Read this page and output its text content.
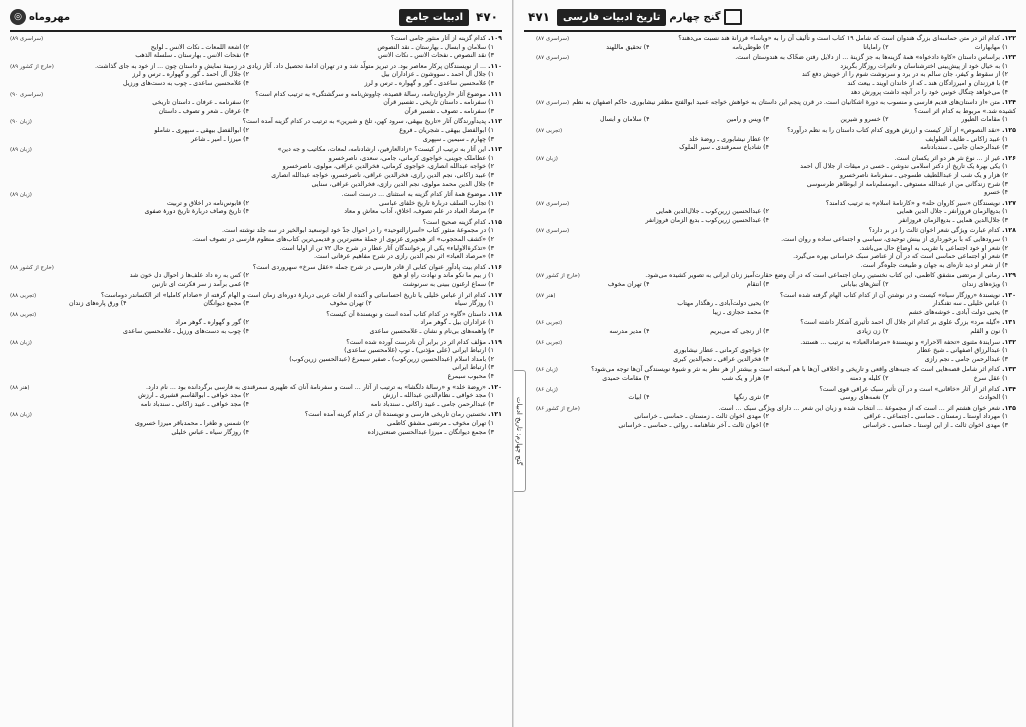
◎ مهروماه	ادبیات جامع	۴۷۰
(سراسری ۸۹)	۱۰۹. کدام گزینه از آثار منثور جامی است؟
۱) سلامان و ابسال ـ بهارستان ـ نقد النصوص
۲) اشعة اللمعات ـ نکات الانس ـ لوایح
۳) نقد النصوص ـ نفحات الانس ـ نکات الانس
۴) نفحات الانس ـ بهارستان ـ سلسلة الذهب
(خارج از کشور ۸۹)	۱۱۰. ... از نویسندگان پرکار معاصر بود. در تبریز متولّد شد و در تهران ادامهٔ تحصیل داد. آثار زیادی در زمینهٔ نمایش و داستان چون ... از خود به جای گذاشت.
۱) جلال آل احمد ـ سووشون ـ عزاداران بیل
۲) جلال آل احمد ـ گور و گهواره ـ ترس و لرز
۳) غلامحسین ساعدی ـ گور و گهواره ـ ترس و لرز
۴) غلامحسین ساعدی ـ چوب به دست‌های ورزیل
(سراسری ۹۰)	۱۱۱. موضوع آثار «اردوان‌نامه، رسالهٔ قصیده، چاووش‌نامه و سرگشتگی» به ترتیب کدام است؟
۱) سفرنامه ـ داستان تاریخی ـ تفسیر قرآن
۲) سفرنامه ـ عرفان ـ داستان تاریخی
۳) سفرنامه ـ تصوف ـ تفسیر قرآن
۴) عرفان ـ شعر و تصوف ـ داستان
(زبان ۹۰)	۱۱۲. پدیدآورندگان آثار «تاریخ بیهقی، سرود کهن، تلخ و شیرین» به ترتیب در کدام گزینه آمده است؟
۱) ابوالفضل بیهقی ـ شجریان ـ فروغ
۲) ابوالفضل بیهقی ـ سپهری ـ شاملو
۳) چهارم ـ سیمین ـ سپهری
۴) میرزا ـ امیر ـ شاعر
(زبان ۸۹)	۱۱۳. این آثار به ترتیب از کیست؟ «زادالعارفین، ارشادنامه، لمعات، مکاتیب و جه دین»
۱) عطاملک جوینی، خواجوی کرمانی، جامی، سعدی، ناصرخسرو
۲) خواجه عبدالله انصاری، خواجوی کرمانی، فخرالدین عراقی، مولوی، ناصرخسرو
۳) عبید زاکانی، نجم الدین رازی، فخرالدین عراقی، ناصرخسرو، خواجه عبدالله انصاری
۴) جلال الدین محمد مولوی، نجم الدین رازی، فخرالدین عراقی، سنایی
(زبان ۸۹)	۱۱۴. موضوع همهٔ آثار کدام گزینه به استثنای ... درست است.
۱) تجارب السلف دربارهٔ تاریخ خلفای عباسی
۲) قابوس‌نامه در اخلاق و تربیت
۳) مرصاد العباد در علم تصوف، اخلاق، آداب معاش و معاد
۴) تاریخ وصاف دربارهٔ تاریخ دورهٔ صفوی
۱۱۵. کدام گزینه صحیح است؟
۱) در مجموعهٔ منثور کتاب «اسرارالتوحید» را در احوال جدّ خود ابوسعید ابوالخیر در سه جلد نوشته است.
۲) «کشف المحجوب» اثر هجویری غزنوی از جملهٔ معتبرترین و قدیمی‌ترین کتاب‌های منظوم فارسی در تصوف است.
۳) «تذکرةالاولیاء» یکی از پرخوانندگان آثار عطار در شرح حال ۷۲ تن از اولیا است.
۴) «مرصاد العباد» اثر نجم الدین رازی در شرح مفاهیم عرفانی است.
(خارج از کشور ۸۸)	۱۱۶. کدام بیت پادآور عنوان کتابی از قادر فارسی در شرح جمله «عقل سرخ» سهروردی است؟
۱) ز بیم ما نکو ماند و نهادت راهِ او هیچ
۲) کس به ره داد علف‌ها ز احوال دل خون شد
۳) سماع ارغنون ببینی به سرنوشت
۴) غمی برآمد ز سر فکرتت ای نازنین
(تجربی ۸۸)	۱۱۷. کدام اثر از عباس خلیلی یا تاریخ احساساتی و آکنده از لغات عربی دربارهٔ دوره‌ای زمان است و الهام گرفته از «صادام کاملیا» اثر الکساندر دوماست؟
۱) روزگار سیاه
۲) تهران مخوف
۳) مجمع دیوانگان
۴) ورق پاره‌های زندان
(تجربی ۸۸)	۱۱۸. داستان «گاو» در کدام کتاب آمده است و نویسندهٔ آن کیست؟
۱) عزاداران بیل ـ گوهر مراد
۲) گور و گهواره ـ گوهر مراد
۳) واهمه‌های بی‌نام و نشان ـ غلامحسین ساعدی
۴) چوب به دست‌های ورزیل ـ غلامحسین ساعدی
(زبان ۸۸)	۱۱۹. مؤلف کدام اثر در برابر آن نادرست آورده شده است؟
۱) ارتباط ایرانی (علی مؤذنی) ـ توپ (غلامحسین ساعدی)
۲) بامداد اسلام (عبدالحسین زرین‌کوب) ـ صفیر سیمرغ (عبدالحسین زرین‌کوب)
۳) ارتباط ایرانی
۴) محبوب سیمرغ
(هنر ۸۸)	۱۲۰. «روضهٔ خلد» و «رسالهٔ دلگشا» به ترتیب از آثار ... است و سفرنامهٔ آنان که ظهیری سمرقندی به فارسی برگردانده بود ... نام دارد.
۱) مجد خوافی ـ نظام‌الدین عبدالله ـ ارزش
۲) مجد خوافی ـ ابوالقاسم قشیری ـ ارزش
۳) عبدالرحمن جامی ـ عبید زاکانی ـ سندباد نامه
۴) مجد خوافی ـ عبید زاکانی ـ سندباد نامه
(زبان ۸۸)	۱۲۱. نخستین رمان تاریخی فارسی و نویسندهٔ آن در کدام گزینه آمده است؟
۱) تهران مخوف ـ مرتضی مشفق کاظمی
۲) شمس و طغرا ـ محمدباقر میرزا خسروی
۳) مجمع دیوانگان ـ میرزا عبدالحسین صنعتی‌زاده
۴) روزگار سیاه ـ عباس خلیلی
۴۷۱	تاریخ ادبیات فارسی گنج چهارم
گنج چهارم: تاریخ ادبیات
(سراسری ۸۷)	۱۲۲. کدام اثر در متن حماسه‌ای بزرگ هندوان است که شامل ۱۹ کتاب است و تألیف آن را به «ویاسا» فرزانهٔ هند نسبت می‌دهند؟
۱) مهابهارات
۲) رامایانا
۳) طوطی‌نامه
۴) تحقیق ماللهند
(سراسری ۸۷)	۱۲۳. براساس داستان «کاوهٔ دادخواه» همهٔ گزینه‌ها به جز گزینهٔ ... از دلایل رفتن ضحّاک به هندوستان است.
۱) به خیال خود از پیش‌بینی اخترشناسان و تاثیرات روزگار بگریزد
۲) از سقوط و کیفر، جان سالم به در برد و سرنوشت شوم را از خویش دفع کند
۳) با فرزندان و امیرزادگان هند ـ که از خاندان اویند ـ بیعت کند
۴) می‌خواهد چنگال خونین خود را در آنچه داشت پرورش دهد
(سراسری ۸۷)	۱۲۴. متن «از داستان‌های قدیم فارسی و منسوب به دورهٔ اشکانیان است. در قرن پنجم این داستان به خواهش خواجه عمید ابوالفتح مظفر نیشابوری، حاکم اصفهان به نظم کشیده شد.» مربوط به کدام اثر است؟
۱) مقامات الطیور
۲) خسرو و شیرین
۳) ویس و رامین
۴) سلامان و ابسال
(تجربی ۸۷)	۱۲۵. «نقد النصوص» از آثار کیست و ارزش هروی کدام کتاب داستان را به نظم درآورد؟
۱) عبید زاکانی ـ طایف الطوایف
۲) عطار نیشابوری ـ روضهٔ خلد
۳) عبدالرحمان جامی ـ سندباد‌نامه
۴) شادیاخ سمرقندی ـ سیر الملوک
(زبان ۸۷)	۱۲۶. غیر از ... نوع نثر هر دو اثر یکسان است.
۱) یکی بهرهٔ یک تاریخ از دکتر اسلامی ندوشن ـ خسی در میقات از جلال آل احمد
۲) هزار و یک شب از عبداللطیف طسوجی ـ سفرنامهٔ ناصرخسرو
۳) شرح زندگانی من از عبدالله مستوفی ـ ابومسلم‌نامه از ابوطاهر طرسوسی
۴) خسرو
(سراسری ۸۷)	۱۲۷. نویسندگان «سیر کاروان حله» و «کارنامهٔ اسلام» به ترتیب کدامند؟
۱) بدیع‌الزمان فروزانفر ـ جلال الدین همایی
۲) عبدالحسین زرین‌کوب ـ جلال‌الدین همایی
۳) جلال‌الدین همایی ـ بدیع‌الزمان فروزانفر
۴) عبدالحسین زرین‌کوب ـ بدیع الزمان فروزانفر
(سراسری ۸۷)	۱۲۸. کدام عبارت ویژگی شعر اخوان ثالث را در بر دارد؟
۱) سرودهایی که با برخورداری از بینش توحیدی، سیاسی و اجتماعی ساده و روان است.
۲) شعر او خود اجتماعی با تقریب به اوضاع حال می‌باشد.
۳) شعر او اجتماعی حماسی است که در آن از عناصر سبک خراسانی بهره می‌گیرد.
۴) از شعر او دید تازه‌ای به جهان و طبیعت جلوه‌گر است.
(خارج از کشور ۸۷)	۱۲۹. رمانی از مرتضی مشفق کاظمی، این کتاب نخستین رمان اجتماعی است که در آن وضع حقارت‌آمیز زنان ایرانی به تصویر کشیده می‌شود.
۱) ویژه‌های زندان
۲) آتش‌های بیابانی
۳) انتقام
۴) تهران مخوف
(هنر ۸۷)	۱۳۰. نویسندهٔ «روزگار سیاه» کیست و در نوشتن آن از کدام کتاب الهام گرفته شده است؟
۱) عباس خلیلی ـ سه تفنگدار
۲) یحیی دولت‌آبادی ـ رهگذار مهتاب
۳) یحیی دولت آبادی ـ خوشه‌های خشم
۴) محمد حجازی ـ زیبا
(تجربی ۸۶)	۱۳۱. «گیله مرد» بزرگ علوی بر کدام اثر جلال آل احمد تأثیری آشکار داشته است؟
۱) نون و القلم
۲) زن زیادی
۳) از رنجی که می‌بریم
۴) مدیر مدرسه
(تجربی ۸۶)	۱۳۲. سرایندهٔ مثنوی «تحفة الاحرار» و نویسندهٔ «مرصادالعباد» به ترتیب ... هستند.
۱) عبدالرزاق اصفهانی ـ شیخ عطار
۲) خواجوی کرمانی ـ عطار نیشابوری
۳) عبدالرحمن جامی ـ نجم رازی
۴) فخرالدین عراقی ـ نجم‌الدین کبری
(زبان ۸۶)	۱۳۳. کدام اثر شامل قصه‌هایی است که جنبه‌های واقعی و تاریخی و اخلاقی آن‌ها با هم آمیخته است و بیشتر از هر نظر به نثر و شیوهٔ نویسندگی آن‌ها توجه می‌شود؟
۱) عقل سرخ
۲) کلیله و دمنه
۳) هزار و یک شب
۴) مقامات حمیدی
(زبان ۸۶)	۱۳۴. کدام اثر از آثار «خاقانی» است و در آن تأثیر سبک عراقی قوی است؟
۱) الحوادث
۲) نغمه‌های روسی
۳) نثری رنگها
۴) ابیات
(خارج از کشور ۸۶)	۱۳۵. شعر خوان هشتم اثر ... است که از مجموعهٔ ... انتخاب شده و زبان این شعر ... دارای ویژگی سبک ... است.
۱) مهرداد اوستا ـ زمستان ـ حماسی ـ اجتماعی ـ عراقی
۲) مهدی اخوان ثالث ـ زمستان ـ حماسی ـ خراسانی
۳) مهدی اخوان ثالث ـ از این اوستا ـ حماسی ـ خراسانی
۴) اخوان ثالث ـ آخر شاهنامه ـ روائی ـ حماسی ـ خراسانی
